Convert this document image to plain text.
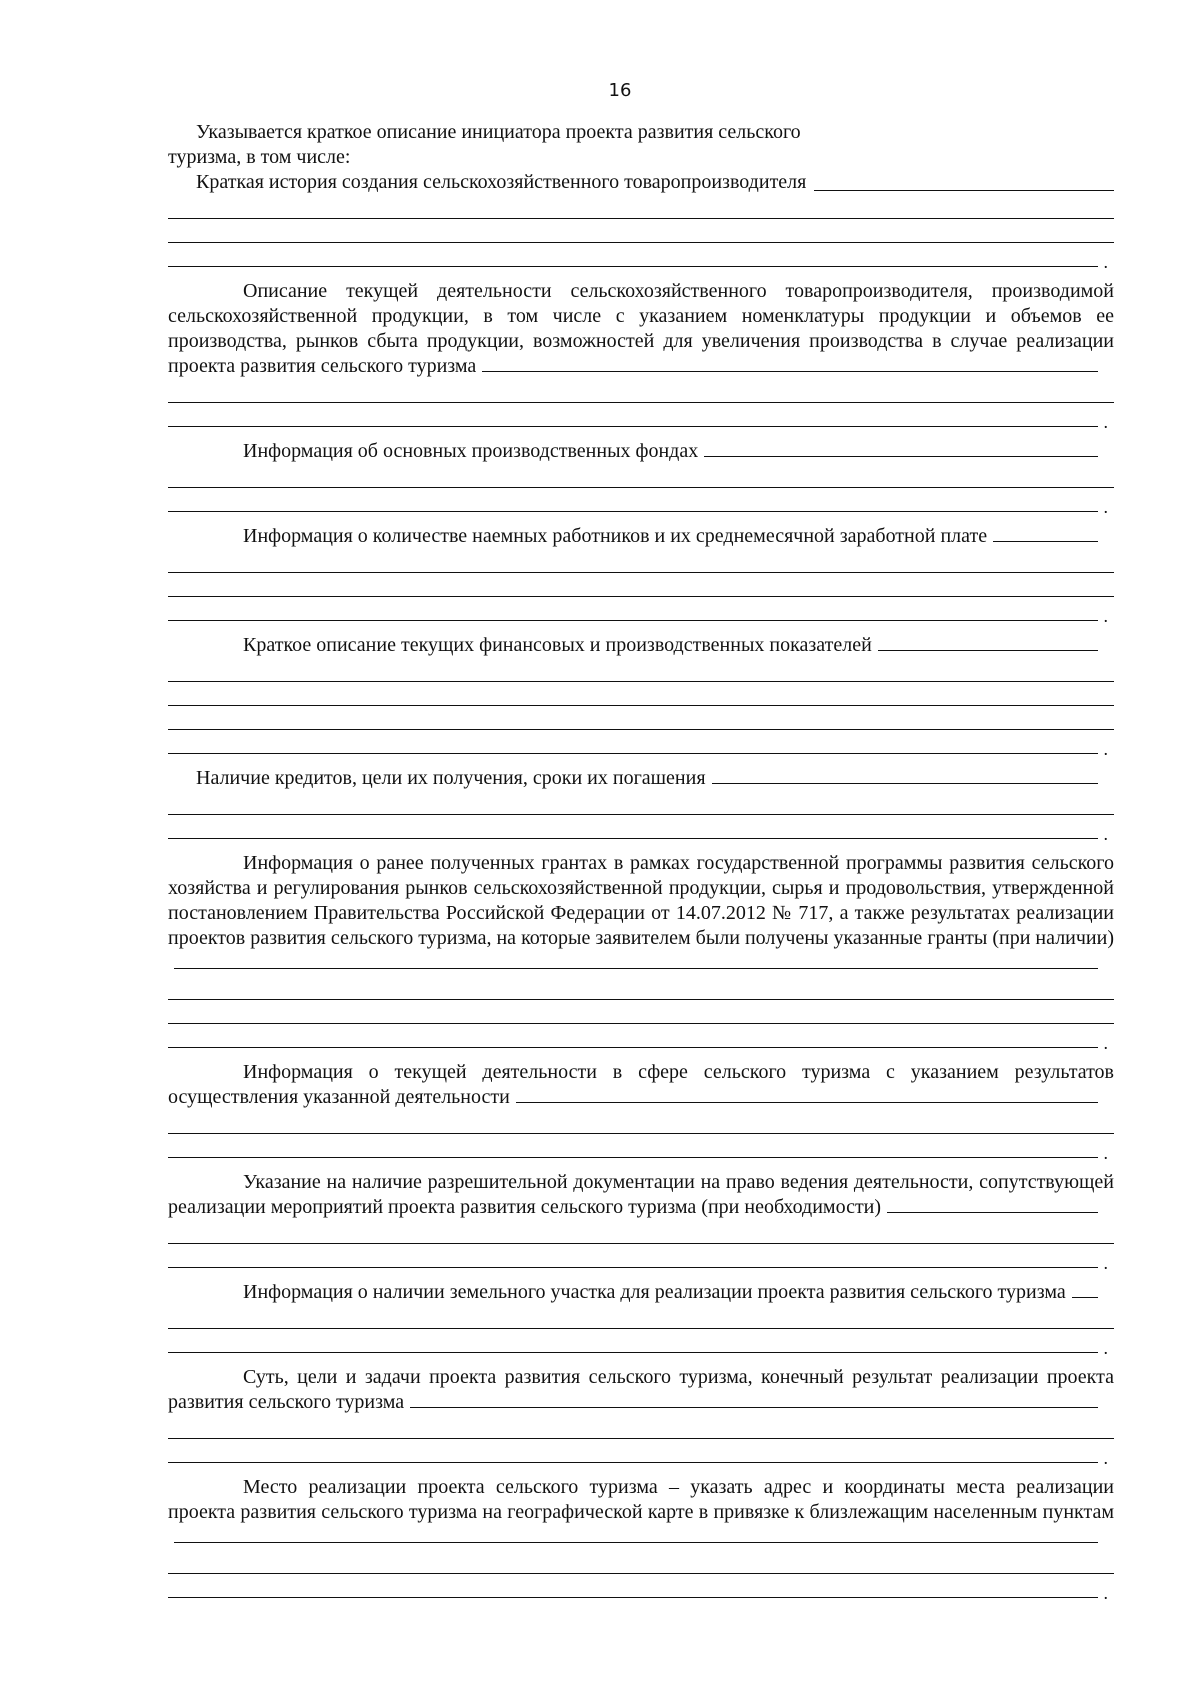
16
Указывается краткое описание инициатора проекта развития сельского
туризма, в том числе:
Краткая история создания сельскохозяйственного товаропроизводителя
.
Описание текущей деятельности сельскохозяйственного товаропроизводителя, производимой сельскохозяйственной продукции, в том числе с указанием номенклатуры продукции и объемов ее производства, рынков сбыта продукции, возможностей для увеличения производства в случае реализации проекта развития сельского туризма
.
Информация об основных производственных фондах
.
Информация о количестве наемных работников и их среднемесячной заработной плате
.
Краткое описание текущих финансовых и производственных показателей
.
Наличие кредитов, цели их получения, сроки их погашения
.
Информация о ранее полученных грантах в рамках государственной программы развития сельского хозяйства и регулирования рынков сельскохозяйственной продукции, сырья и продовольствия, утвержденной постановлением Правительства Российской Федерации от 14.07.2012 № 717, а также результатах реализации проектов развития сельского туризма, на которые заявителем были получены указанные гранты (при наличии)
.
Информация о текущей деятельности в сфере сельского туризма с указанием результатов осуществления указанной деятельности
.
Указание на наличие разрешительной документации на право ведения деятельности, сопутствующей реализации мероприятий проекта развития сельского туризма (при необходимости)
.
Информация о наличии земельного участка для реализации проекта развития сельского туризма
.
Суть, цели и задачи проекта развития сельского туризма, конечный результат реализации проекта развития сельского туризма
.
Место реализации проекта сельского туризма – указать адрес и координаты места реализации проекта развития сельского туризма на географической карте в привязке к близлежащим населенным пунктам
.
